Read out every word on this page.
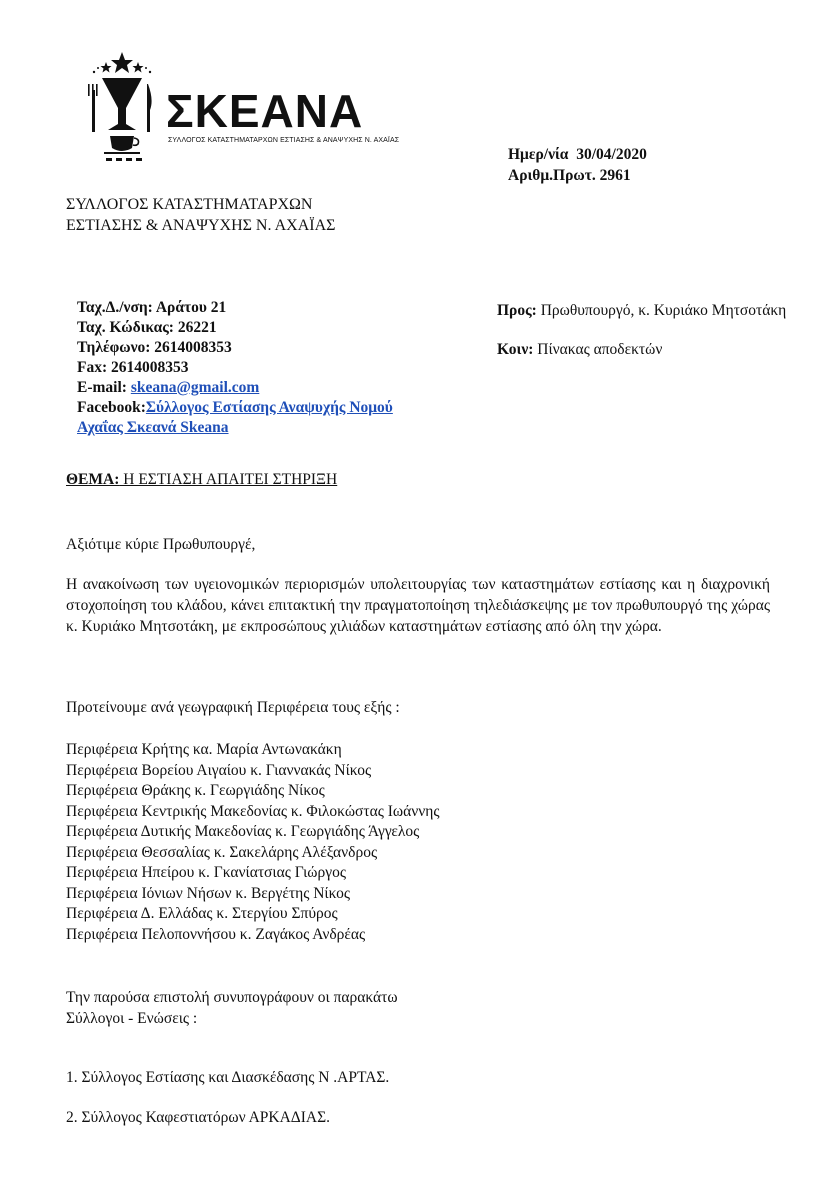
ΣΚΕΑΝΑ
ΣΥΛΛΟΓΟΣ ΚΑΤΑΣΤΗΜΑΤΑΡΧΩΝ ΕΣΤΙΑΣΗΣ & ΑΝΑΨΥΧΗΣ Ν. ΑΧΑΪΑΣ
Ημερ/νία 30/04/2020
Αριθμ.Πρωτ. 2961
ΣΥΛΛΟΓΟΣ ΚΑΤΑΣΤΗΜΑΤΑΡΧΩΝ
ΕΣΤΙΑΣΗΣ & ΑΝΑΨΥΧΗΣ Ν. ΑΧΑΪΑΣ
Ταχ.Δ./νση: Αράτου 21
Ταχ. Κώδικας: 26221
Τηλέφωνο: 2614008353
Fax: 2614008353
E-mail: skeana@gmail.com
Facebook:Σύλλογος Εστίασης Αναψυχής Νομού
Αχαΐας Σκεανά Skeana
Προς: Πρωθυπουργό, κ. Κυριάκο Μητσοτάκη
Κοιν: Πίνακας αποδεκτών
ΘΕΜΑ: Η ΕΣΤΙΑΣΗ ΑΠΑΙΤΕΙ ΣΤΗΡΙΞΗ
Αξιότιμε κύριε Πρωθυπουργέ,
Η ανακοίνωση των υγειονομικών περιορισμών υπολειτουργίας των καταστημάτων εστίασης και η διαχρονική στοχοποίηση του κλάδου, κάνει επιτακτική την πραγματοποίηση τηλεδιάσκεψης με τον πρωθυπουργό της χώρας κ. Κυριάκο Μητσοτάκη, με εκπροσώπους χιλιάδων καταστημάτων εστίασης από όλη την χώρα.
Προτείνουμε ανά γεωγραφική Περιφέρεια τους εξής :
Περιφέρεια Κρήτης κα. Μαρία Αντωνακάκη
Περιφέρεια Βορείου Αιγαίου κ. Γιαννακάς Νίκος
Περιφέρεια Θράκης κ. Γεωργιάδης Νίκος
Περιφέρεια Κεντρικής Μακεδονίας κ. Φιλοκώστας Ιωάννης
Περιφέρεια Δυτικής Μακεδονίας κ. Γεωργιάδης Άγγελος
Περιφέρεια Θεσσαλίας κ. Σακελάρης Αλέξανδρος
Περιφέρεια Ηπείρου κ. Γκανίατσιας Γιώργος
Περιφέρεια Ιόνιων Νήσων κ. Βεργέτης Νίκος
Περιφέρεια Δ. Ελλάδας κ. Στεργίου Σπύρος
Περιφέρεια Πελοποννήσου κ. Ζαγάκος Ανδρέας
Την παρούσα επιστολή συνυπογράφουν οι παρακάτω
Σύλλογοι - Ενώσεις :
1. Σύλλογος Εστίασης και Διασκέδασης Ν .ΑΡΤΑΣ.
2. Σύλλογος Καφεστιατόρων ΑΡΚΑΔΙΑΣ.
